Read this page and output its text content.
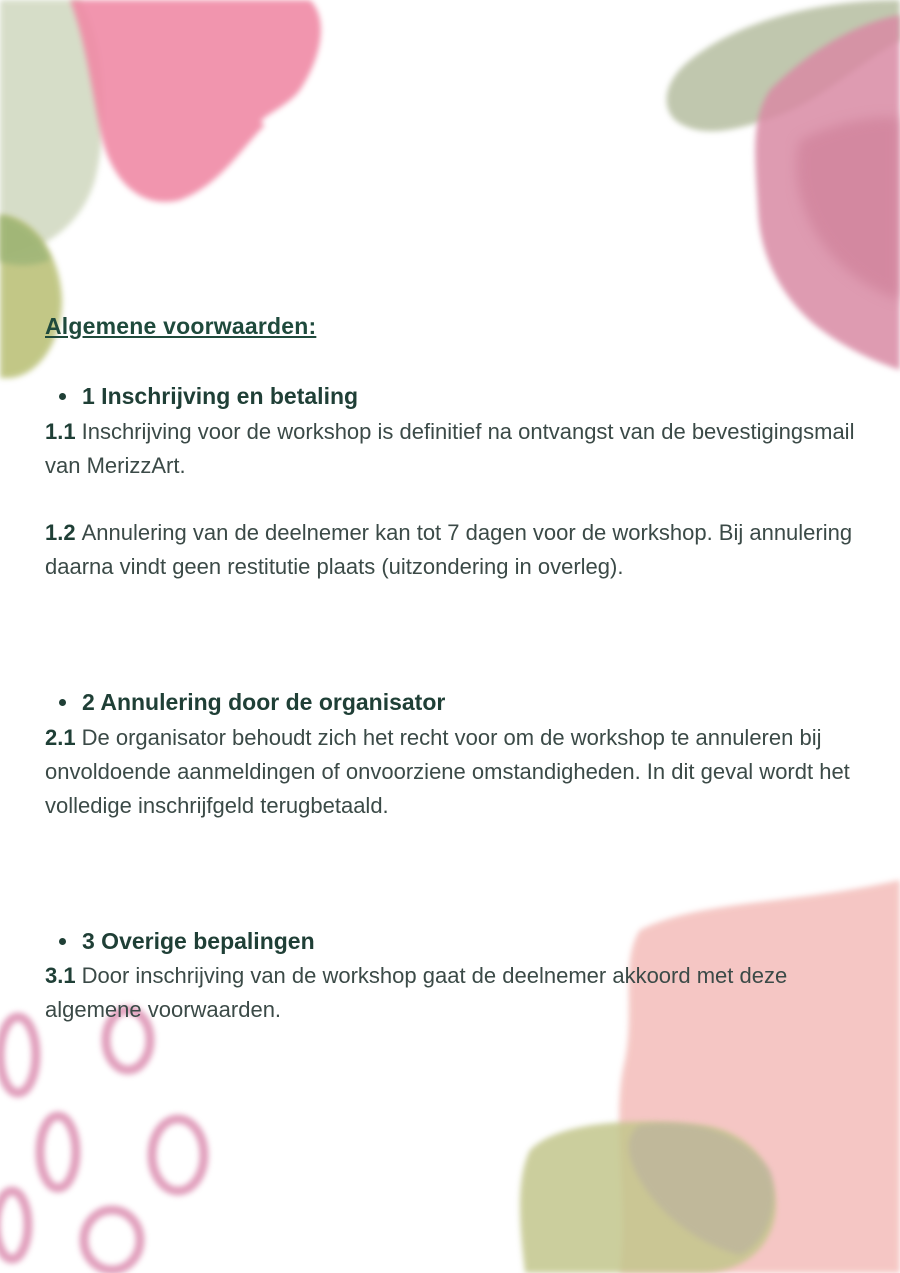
Algemene voorwaarden:
1 Inschrijving en betaling
1.1 Inschrijving voor de workshop is definitief na ontvangst van de bevestigingsmail van MerizzArt.
1.2 Annulering van de deelnemer kan tot 7 dagen voor de workshop. Bij annulering daarna vindt geen restitutie plaats (uitzondering in overleg).
2 Annulering door de organisator
2.1 De organisator behoudt zich het recht voor om de workshop te annuleren bij onvoldoende aanmeldingen of onvoorziene omstandigheden. In dit geval wordt het volledige inschrijfgeld terugbetaald.
3 Overige bepalingen
3.1 Door inschrijving van de workshop gaat de deelnemer akkoord met deze algemene voorwaarden.
